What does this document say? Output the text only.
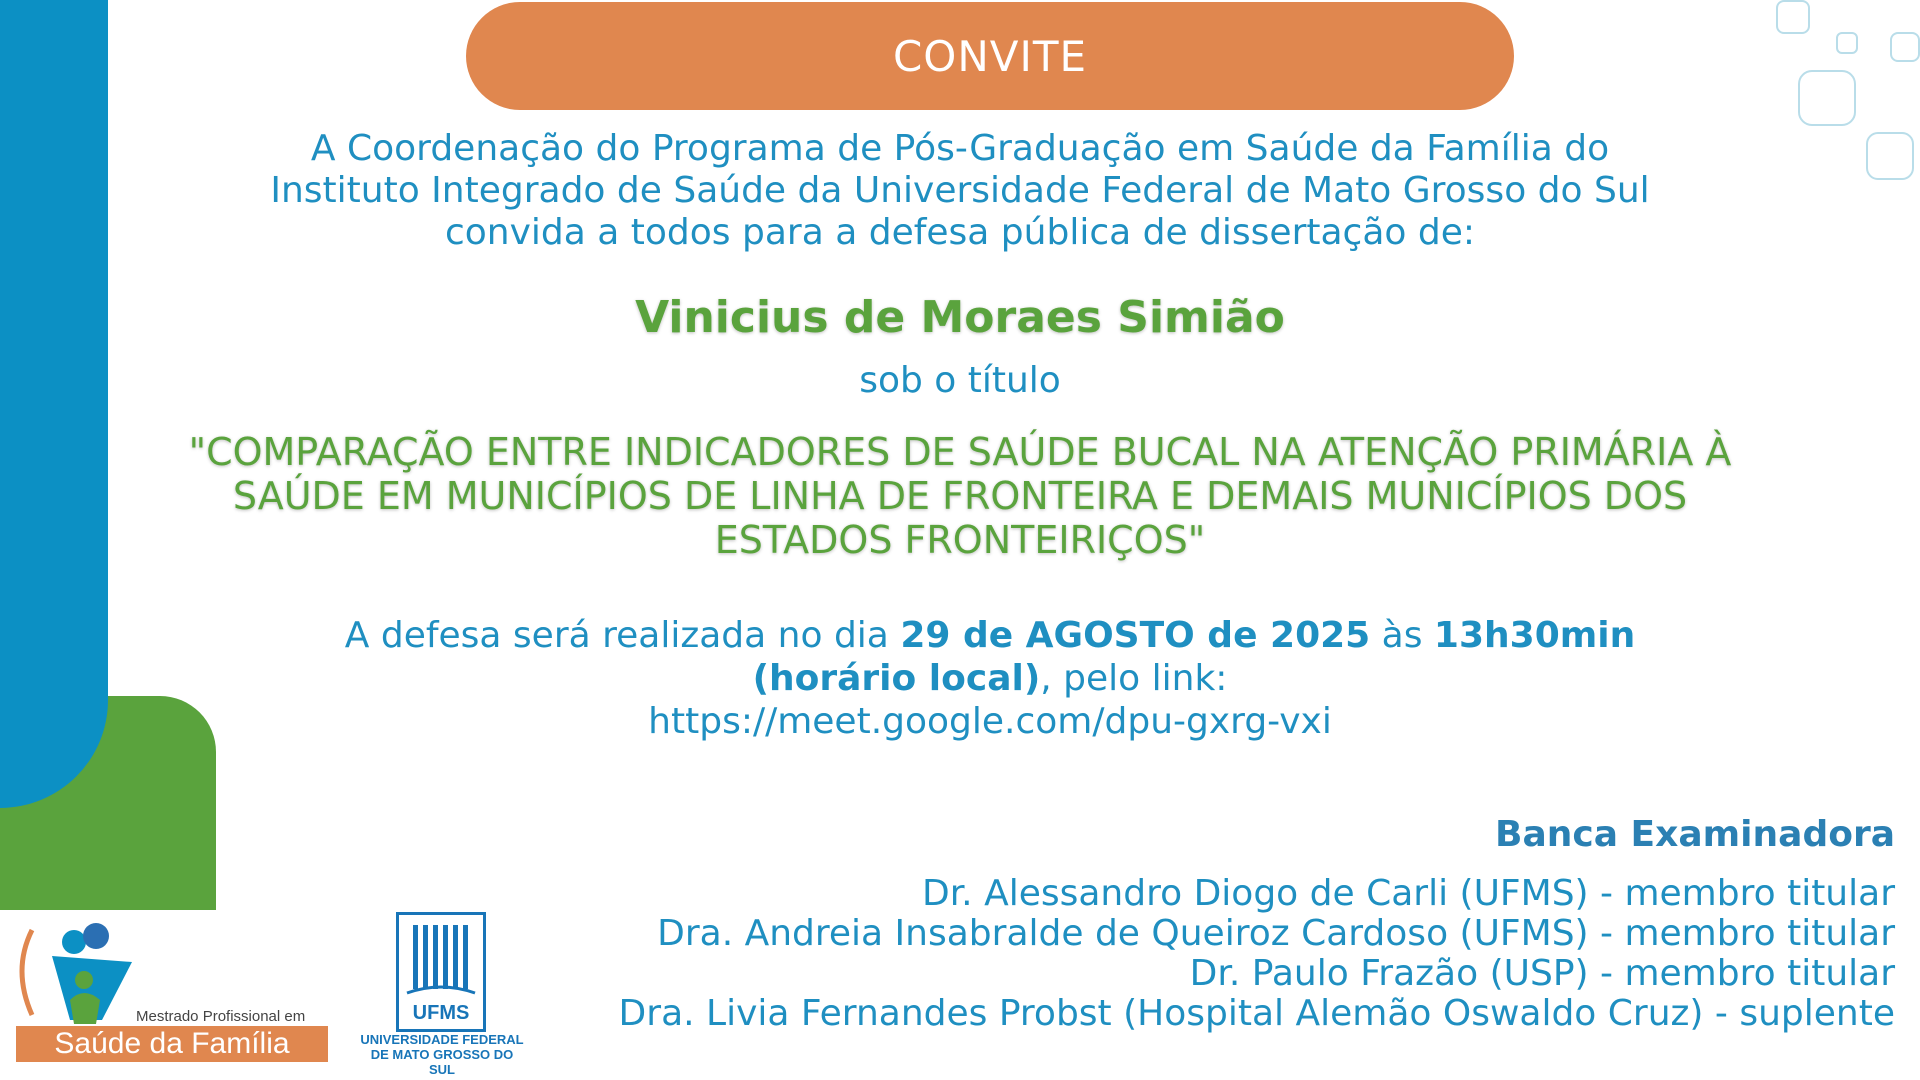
CONVITE
A Coordenação do Programa de Pós-Graduação em Saúde da Família do
Instituto Integrado de Saúde da Universidade Federal de Mato Grosso do Sul
convida a todos para a defesa pública de dissertação de:
Vinicius de Moraes Simião
sob o título
"COMPARAÇÃO ENTRE INDICADORES DE SAÚDE BUCAL NA ATENÇÃO PRIMÁRIA À
SAÚDE EM MUNICÍPIOS DE LINHA DE FRONTEIRA E DEMAIS MUNICÍPIOS DOS
ESTADOS FRONTEIRIÇOS"
A defesa será realizada no dia 29 de AGOSTO de 2025 às 13h30min
(horário local), pelo link:
https://meet.google.com/dpu-gxrg-vxi
Banca Examinadora
Dr. Alessandro Diogo de Carli (UFMS) - membro titular
Dra. Andreia Insabralde de Queiroz Cardoso (UFMS) - membro titular
Dr. Paulo Frazão (USP) - membro titular
Dra. Livia Fernandes Probst (Hospital Alemão Oswaldo Cruz) - suplente
Mestrado Profissional em
Saúde da Família
UFMS
UNIVERSIDADE FEDERAL
DE MATO GROSSO DO SUL
